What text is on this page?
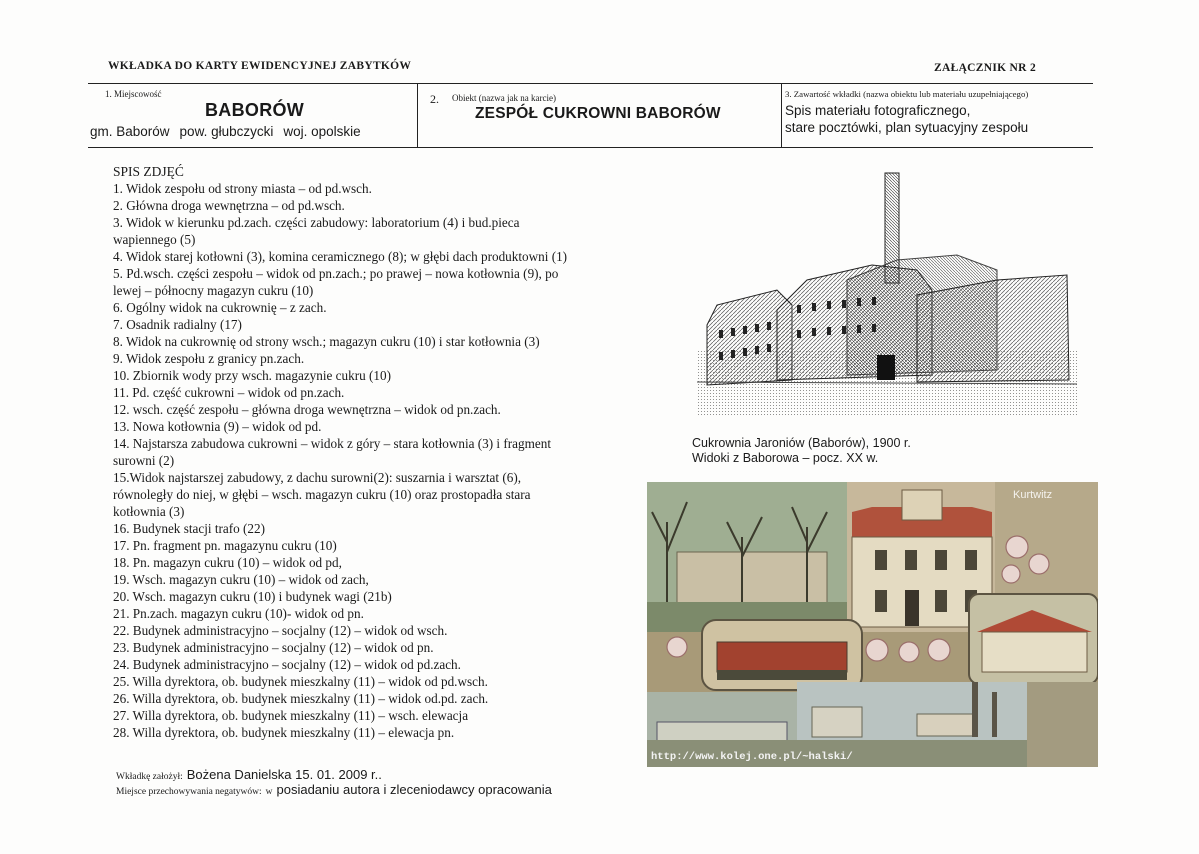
WKŁADKA DO KARTY EWIDENCYJNEJ ZABYTKÓW	ZAŁĄCZNIK NR 2
1. Miejscowość
BABORÓW
gm. Baborów pow. głubczycki woj. opolskie
2. Obiekt (nazwa jak na karcie)
ZESPÓŁ CUKROWNI BABORÓW
3. Zawartość wkładki (nazwa obiektu lub materiału uzupełniającego)
Spis materiału fotograficznego,
stare pocztówki, plan sytuacyjny zespołu
SPIS ZDJĘĆ
1. Widok zespołu od strony miasta – od pd.wsch.
2. Główna droga wewnętrzna – od pd.wsch.
3. Widok w kierunku pd.zach. części zabudowy: laboratorium (4) i bud.pieca
wapiennego (5)
4. Widok starej kotłowni (3), komina ceramicznego (8); w głębi dach produktowni (1)
5. Pd.wsch. części zespołu – widok od pn.zach.; po prawej – nowa kotłownia (9), po
lewej – północny magazyn cukru (10)
6. Ogólny widok na cukrownię – z zach.
7. Osadnik radialny (17)
8. Widok na cukrownię od strony wsch.; magazyn cukru (10) i star kotłownia (3)
9. Widok zespołu z granicy pn.zach.
10. Zbiornik wody przy wsch. magazynie cukru (10)
11. Pd. część cukrowni – widok od pn.zach.
12. wsch. część zespołu – główna droga wewnętrzna – widok od pn.zach.
13. Nowa kotłownia (9) – widok od pd.
14. Najstarsza zabudowa cukrowni – widok z góry – stara kotłownia (3) i fragment
surowni (2)
15.Widok najstarszej zabudowy, z dachu surowni(2): suszarnia i warsztat (6),
równoległy do niej, w głębi – wsch. magazyn cukru (10) oraz prostopadła stara
kotłownia (3)
16. Budynek stacji trafo (22)
17. Pn. fragment pn. magazynu cukru (10)
18. Pn. magazyn cukru (10) – widok od pd,
19. Wsch. magazyn cukru (10) – widok od zach,
20. Wsch. magazyn cukru (10) i budynek wagi (21b)
21. Pn.zach. magazyn cukru (10)- widok od pn.
22. Budynek administracyjno – socjalny (12) – widok od wsch.
23. Budynek administracyjno – socjalny (12) – widok od pn.
24. Budynek administracyjno – socjalny (12) – widok od pd.zach.
25. Willa dyrektora, ob. budynek mieszkalny (11) – widok od pd.wsch.
26. Willa dyrektora, ob. budynek mieszkalny (11) – widok od.pd. zach.
27. Willa dyrektora, ob. budynek mieszkalny (11) – wsch. elewacja
28. Willa dyrektora, ob. budynek mieszkalny (11) – elewacja pn.
Wkładkę założył: Bożena Danielska 15. 01. 2009 r..
Miejsce przechowywania negatywów: w posiadaniu autora i zleceniodawcy opracowania
Cukrownia Jaroniów (Baborów), 1900 r.
Widoki z Baborowa – pocz. XX w.
Kurtwitz
http://www.kolej.one.pl/~halski/
